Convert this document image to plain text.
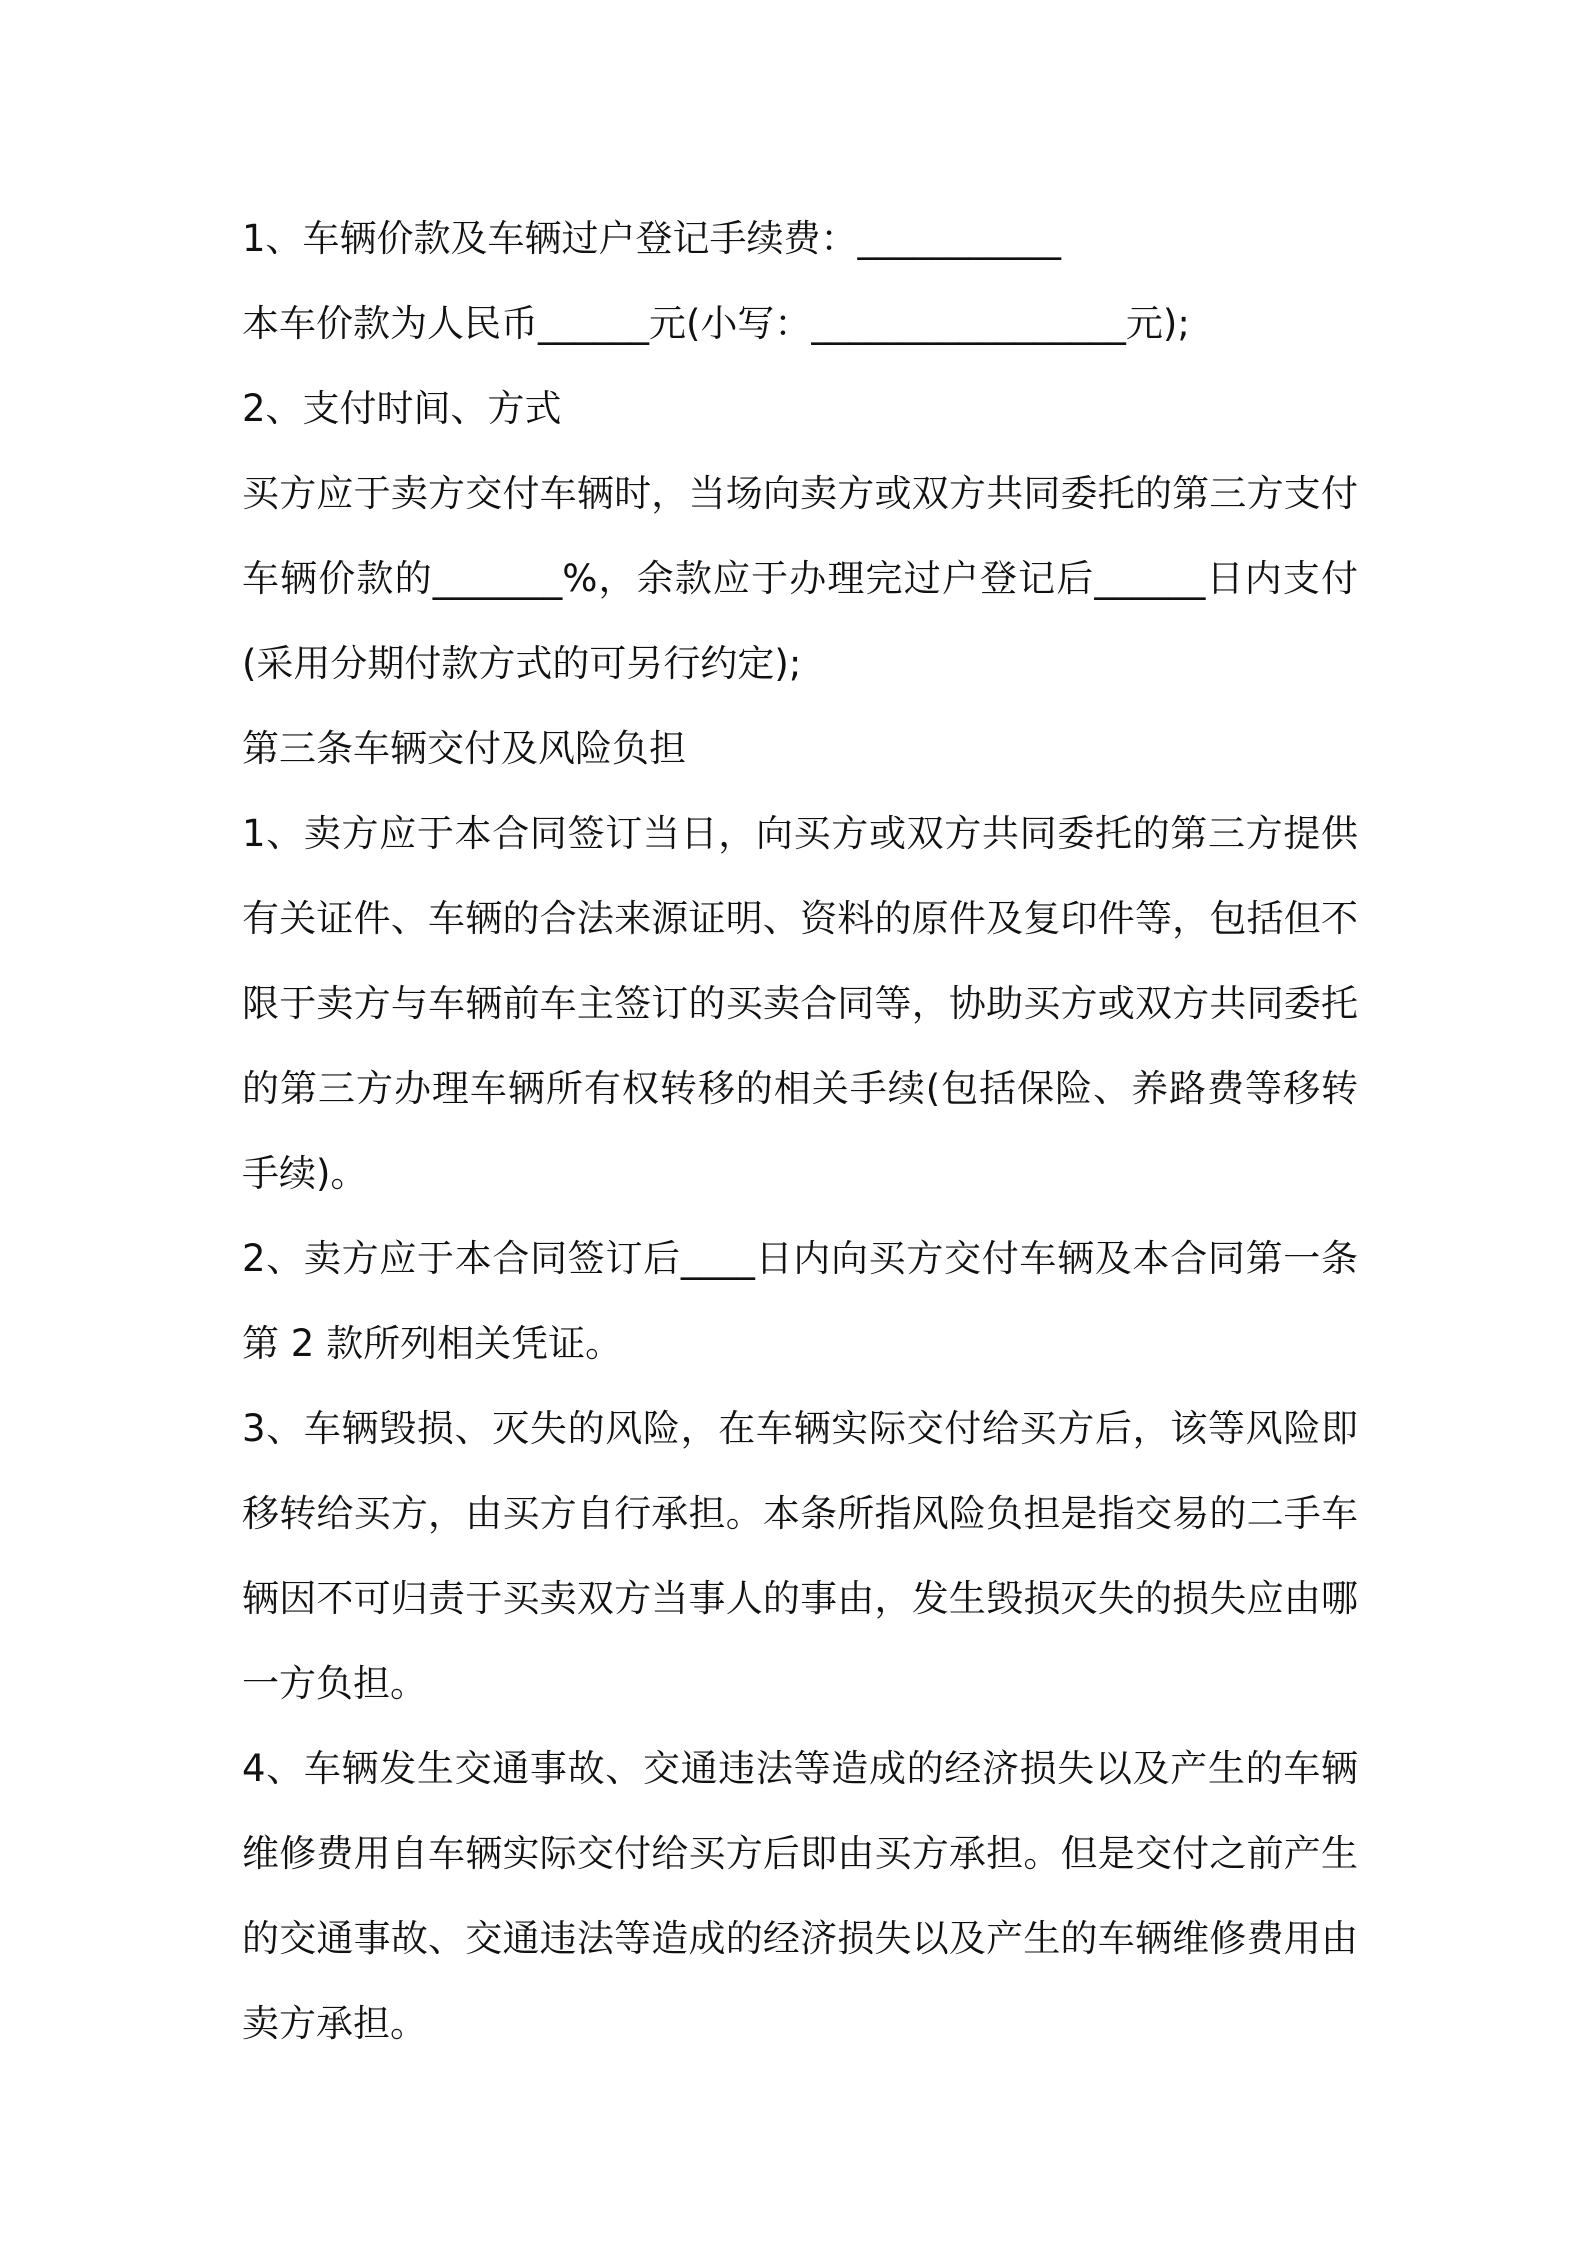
1、车辆价款及车辆过户登记手续费：___________

本车价款为人民币______元(小写：_________________元);

2、支付时间、方式

买方应于卖方交付车辆时，当场向卖方或双方共同委托的第三方支付车辆价款的_______%，余款应于办理完过户登记后______日内支付(采用分期付款方式的可另行约定);

第三条车辆交付及风险负担

1、卖方应于本合同签订当日，向买方或双方共同委托的第三方提供有关证件、车辆的合法来源证明、资料的原件及复印件等，包括但不限于卖方与车辆前车主签订的买卖合同等，协助买方或双方共同委托的第三方办理车辆所有权转移的相关手续(包括保险、养路费等移转手续)。

2、卖方应于本合同签订后____日内向买方交付车辆及本合同第一条第 2 款所列相关凭证。

3、车辆毁损、灭失的风险，在车辆实际交付给买方后，该等风险即移转给买方，由买方自行承担。本条所指风险负担是指交易的二手车辆因不可归责于买卖双方当事人的事由，发生毁损灭失的损失应由哪一方负担。

4、车辆发生交通事故、交通违法等造成的经济损失以及产生的车辆维修费用自车辆实际交付给买方后即由买方承担。但是交付之前产生的交通事故、交通违法等造成的经济损失以及产生的车辆维修费用由卖方承担。
